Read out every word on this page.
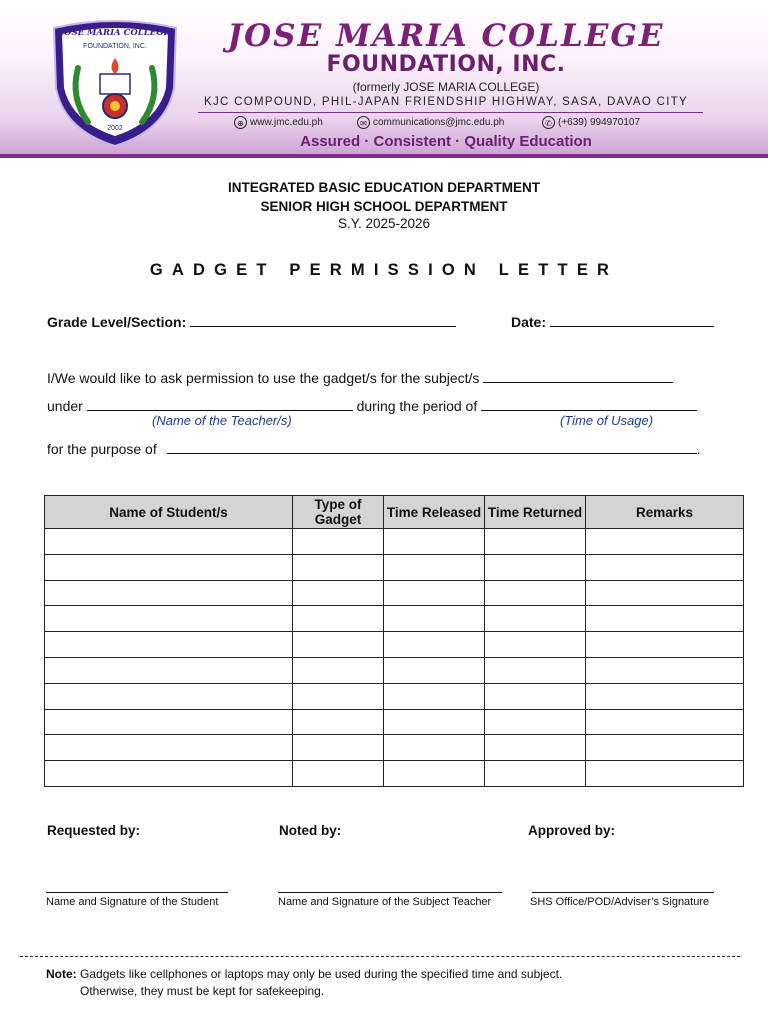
JOSE MARIA COLLEGE
FOUNDATION, INC.
2002
JOSE MARIA COLLEGE
FOUNDATION, INC.
(formerly JOSE MARIA COLLEGE)
KJC COMPOUND, PHIL-JAPAN FRIENDSHIP HIGHWAY, SASA, DAVAO CITY
⊕ www.jmc.edu.ph	✉ communications@jmc.edu.ph	✆ (+639) 994970107
Assured · Consistent · Quality Education
INTEGRATED BASIC EDUCATION DEPARTMENT
SENIOR HIGH SCHOOL DEPARTMENT
S.Y. 2025-2026
GADGET PERMISSION LETTER
Grade Level/Section:	Date:
I/We would like to ask permission to use the gadget/s for the subject/s
under	during the period of
(Name of the Teacher/s)	(Time of Usage)
for the purpose of	.
Name of Student/s	Type of Gadget	Time Released	Time Returned	Remarks

Requested by:	Noted by:	Approved by:
Name and Signature of the Student	Name and Signature of the Subject Teacher	SHS Office/POD/Adviser’s Signature
Note: Gadgets like cellphones or laptops may only be used during the specified time and subject.
Otherwise, they must be kept for safekeeping.
